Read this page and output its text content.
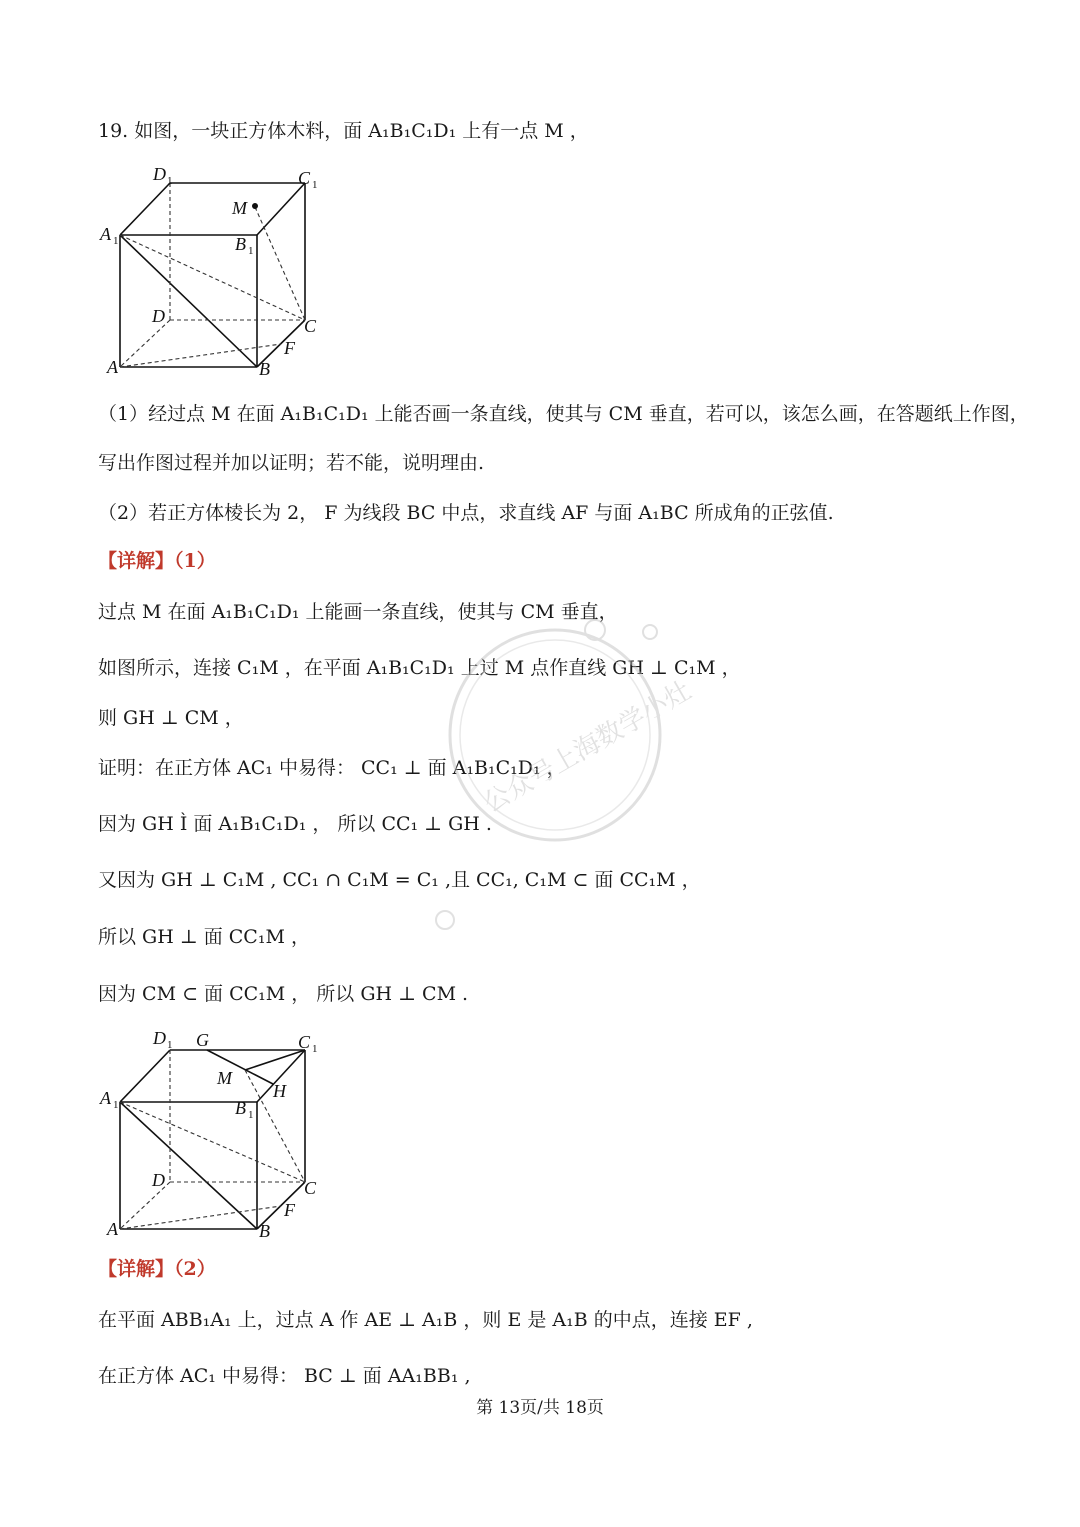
19. 如图，一块正方体木料，面 A₁B₁C₁D₁ 上有一点 M ，
D 1	C 1
A 1	B 1
M
D	C
A	B
F
（1）经过点 M 在面 A₁B₁C₁D₁ 上能否画一条直线，使其与 CM 垂直，若可以，该怎么画，在答题纸上作图，
写出作图过程并加以证明；若不能，说明理由.
（2）若正方体棱长为 2， F 为线段 BC 中点，求直线 AF 与面 A₁BC 所成角的正弦值.
【详解】（1）
过点 M 在面 A₁B₁C₁D₁ 上能画一条直线，使其与 CM 垂直，
如图所示，连接 C₁M ，在平面 A₁B₁C₁D₁ 上过 M 点作直线 GH ⊥ C₁M ，
则 GH ⊥ CM ，
证明：在正方体 AC₁ 中易得： CC₁ ⊥ 面 A₁B₁C₁D₁ ，
因为 GH Ì 面 A₁B₁C₁D₁ ， 所以 CC₁ ⊥ GH .
又因为 GH ⊥ C₁M , CC₁ ∩ C₁M = C₁ ,且 CC₁, C₁M ⊂ 面 CC₁M ，
所以 GH ⊥ 面 CC₁M ，
因为 CM ⊂ 面 CC₁M ， 所以 GH ⊥ CM .
D 1 G	C 1
M
H
A 1	B 1
D	C
A	B
F
【详解】（2）
在平面 ABB₁A₁ 上，过点 A 作 AE ⊥ A₁B ，则 E 是 A₁B 的中点，连接 EF ,
在正方体 AC₁ 中易得： BC ⊥ 面 AA₁BB₁ ,
公众号上海数学小灶
第 13页/共 18页
